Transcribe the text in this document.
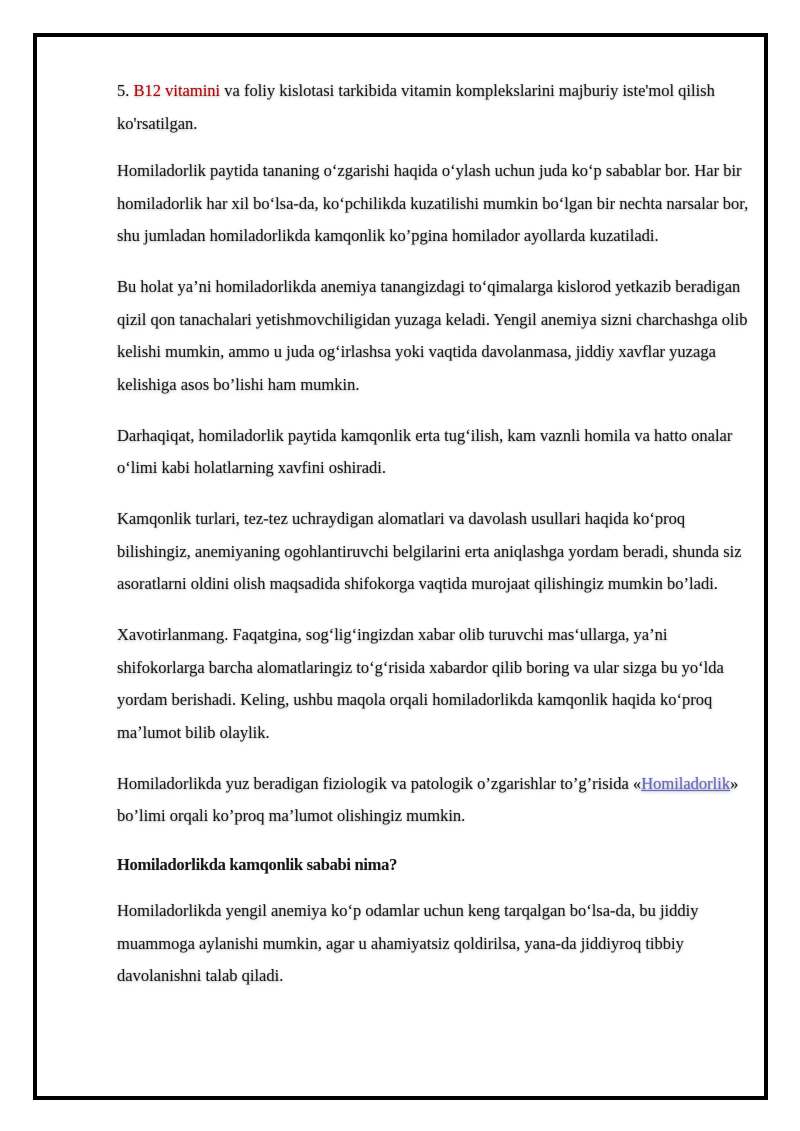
5. B12 vitamini va foliy kislotasi tarkibida vitamin komplekslarini majburiy iste'mol qilish ko'rsatilgan.

Homiladorlik paytida tananing oʻzgarishi haqida oʻylash uchun juda koʻp sabablar bor. Har bir homiladorlik har xil boʻlsa-da, koʻpchilikda kuzatilishi mumkin boʻlgan bir nechta narsalar bor, shu jumladan homiladorlikda kamqonlik ko’pgina homilador ayollarda kuzatiladi.

Bu holat ya’ni homiladorlikda anemiya tanangizdagi toʻqimalarga kislorod yetkazib beradigan qizil qon tanachalari yetishmovchiligidan yuzaga keladi. Yengil anemiya sizni charchashga olib kelishi mumkin, ammo u juda ogʻirlashsa yoki vaqtida davolanmasa, jiddiy xavflar yuzaga kelishiga asos bo’lishi ham mumkin.

Darhaqiqat, homiladorlik paytida kamqonlik erta tugʻilish, kam vaznli homila va hatto onalar oʻlimi kabi holatlarning xavfini oshiradi.

Kamqonlik turlari, tez-tez uchraydigan alomatlari va davolash usullari haqida koʻproq bilishingiz, anemiyaning ogohlantiruvchi belgilarini erta aniqlashga yordam beradi, shunda siz asoratlarni oldini olish maqsadida shifokorga vaqtida murojaat qilishingiz mumkin bo’ladi.

Xavotirlanmang. Faqatgina, sogʻligʻingizdan xabar olib turuvchi masʻullarga, ya’ni shifokorlarga barcha alomatlaringiz toʻgʻrisida xabardor qilib boring va ular sizga bu yoʻlda yordam berishadi. Keling, ushbu maqola orqali homiladorlikda kamqonlik haqida koʻproq maʼlumot bilib olaylik.

Homiladorlikda yuz beradigan fiziologik va patologik o’zgarishlar to’g’risida «Homiladorlik» bo’limi orqali ko’proq ma’lumot olishingiz mumkin.

Homiladorlikda kamqonlik sababi nima?

Homiladorlikda yengil anemiya koʻp odamlar uchun keng tarqalgan boʻlsa-da, bu jiddiy muammoga aylanishi mumkin, agar u ahamiyatsiz qoldirilsa, yana-da jiddiyroq tibbiy davolanishni talab qiladi.
